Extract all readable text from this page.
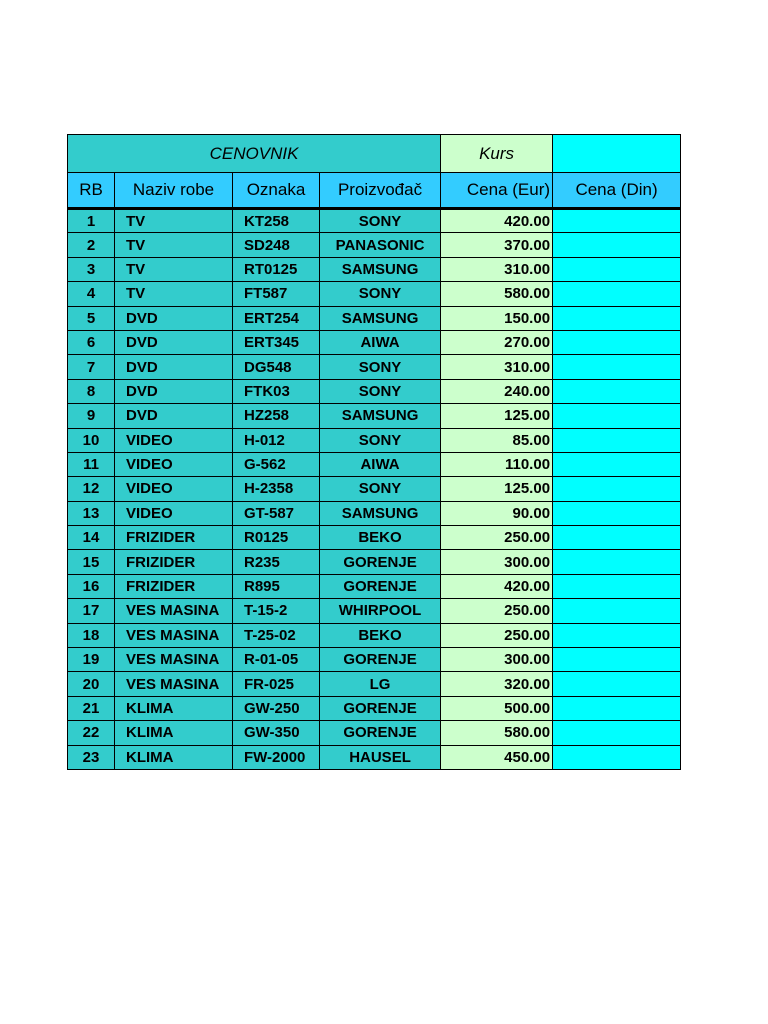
CENOVNIK				Kurs	
RB	Naziv robe	Oznaka	Proizvođač	Cena (Eur)	Cena (Din)
1	TV	KT258	SONY	420.00	
2	TV	SD248	PANASONIC	370.00	
3	TV	RT0125	SAMSUNG	310.00	
4	TV	FT587	SONY	580.00	
5	DVD	ERT254	SAMSUNG	150.00	
6	DVD	ERT345	AIWA	270.00	
7	DVD	DG548	SONY	310.00	
8	DVD	FTK03	SONY	240.00	
9	DVD	HZ258	SAMSUNG	125.00	
10	VIDEO	H-012	SONY	85.00	
11	VIDEO	G-562	AIWA	110.00	
12	VIDEO	H-2358	SONY	125.00	
13	VIDEO	GT-587	SAMSUNG	90.00	
14	FRIZIDER	R0125	BEKO	250.00	
15	FRIZIDER	R235	GORENJE	300.00	
16	FRIZIDER	R895	GORENJE	420.00	
17	VES MASINA	T-15-2	WHIRPOOL	250.00	
18	VES MASINA	T-25-02	BEKO	250.00	
19	VES MASINA	R-01-05	GORENJE	300.00	
20	VES MASINA	FR-025	LG	320.00	
21	KLIMA	GW-250	GORENJE	500.00	
22	KLIMA	GW-350	GORENJE	580.00	
23	KLIMA	FW-2000	HAUSEL	450.00	
